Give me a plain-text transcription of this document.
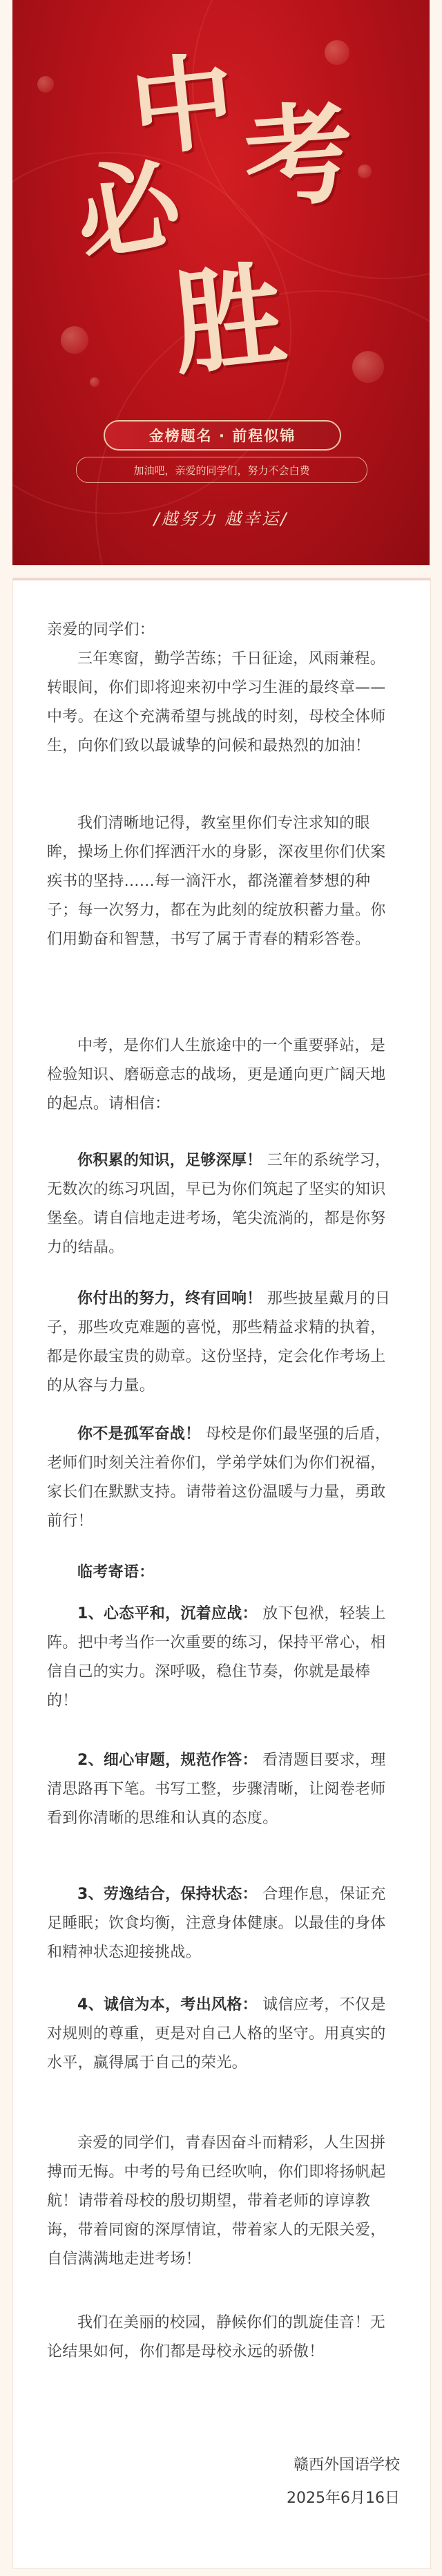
中
必 考
胜
金榜题名 · 前程似锦
加油吧，亲爱的同学们，努力不会白费
/越努力 越幸运/

亲爱的同学们：

三年寒窗，勤学苦练；千日征途，风雨兼程。转眼间，你们即将迎来初中学习生涯的最终章——中考。在这个充满希望与挑战的时刻，母校全体师生，向你们致以最诚挚的问候和最热烈的加油！

我们清晰地记得，教室里你们专注求知的眼眸，操场上你们挥洒汗水的身影，深夜里你们伏案疾书的坚持……每一滴汗水，都浇灌着梦想的种子；每一次努力，都在为此刻的绽放积蓄力量。你们用勤奋和智慧，书写了属于青春的精彩答卷。

中考，是你们人生旅途中的一个重要驿站，是检验知识、磨砺意志的战场，更是通向更广阔天地的起点。请相信：

你积累的知识，足够深厚！ 三年的系统学习，无数次的练习巩固，早已为你们筑起了坚实的知识堡垒。请自信地走进考场，笔尖流淌的，都是你努力的结晶。

你付出的努力，终有回响！ 那些披星戴月的日子，那些攻克难题的喜悦，那些精益求精的执着，都是你最宝贵的勋章。这份坚持，定会化作考场上的从容与力量。

你不是孤军奋战！ 母校是你们最坚强的后盾，老师们时刻关注着你们，学弟学妹们为你们祝福，家长们在默默支持。请带着这份温暖与力量，勇敢前行！

临考寄语：

1、心态平和，沉着应战： 放下包袱，轻装上阵。把中考当作一次重要的练习，保持平常心，相信自己的实力。深呼吸，稳住节奏，你就是最棒的！

2、细心审题，规范作答： 看清题目要求，理清思路再下笔。书写工整，步骤清晰，让阅卷老师看到你清晰的思维和认真的态度。

3、劳逸结合，保持状态： 合理作息，保证充足睡眠；饮食均衡，注意身体健康。以最佳的身体和精神状态迎接挑战。

4、诚信为本，考出风格： 诚信应考，不仅是对规则的尊重，更是对自己人格的坚守。用真实的水平，赢得属于自己的荣光。

亲爱的同学们，青春因奋斗而精彩，人生因拼搏而无悔。中考的号角已经吹响，你们即将扬帆起航！请带着母校的殷切期望，带着老师的谆谆教诲，带着同窗的深厚情谊，带着家人的无限关爱，自信满满地走进考场！

我们在美丽的校园，静候你们的凯旋佳音！无论结果如何，你们都是母校永远的骄傲！

赣西外国语学校

2025年6月16日
